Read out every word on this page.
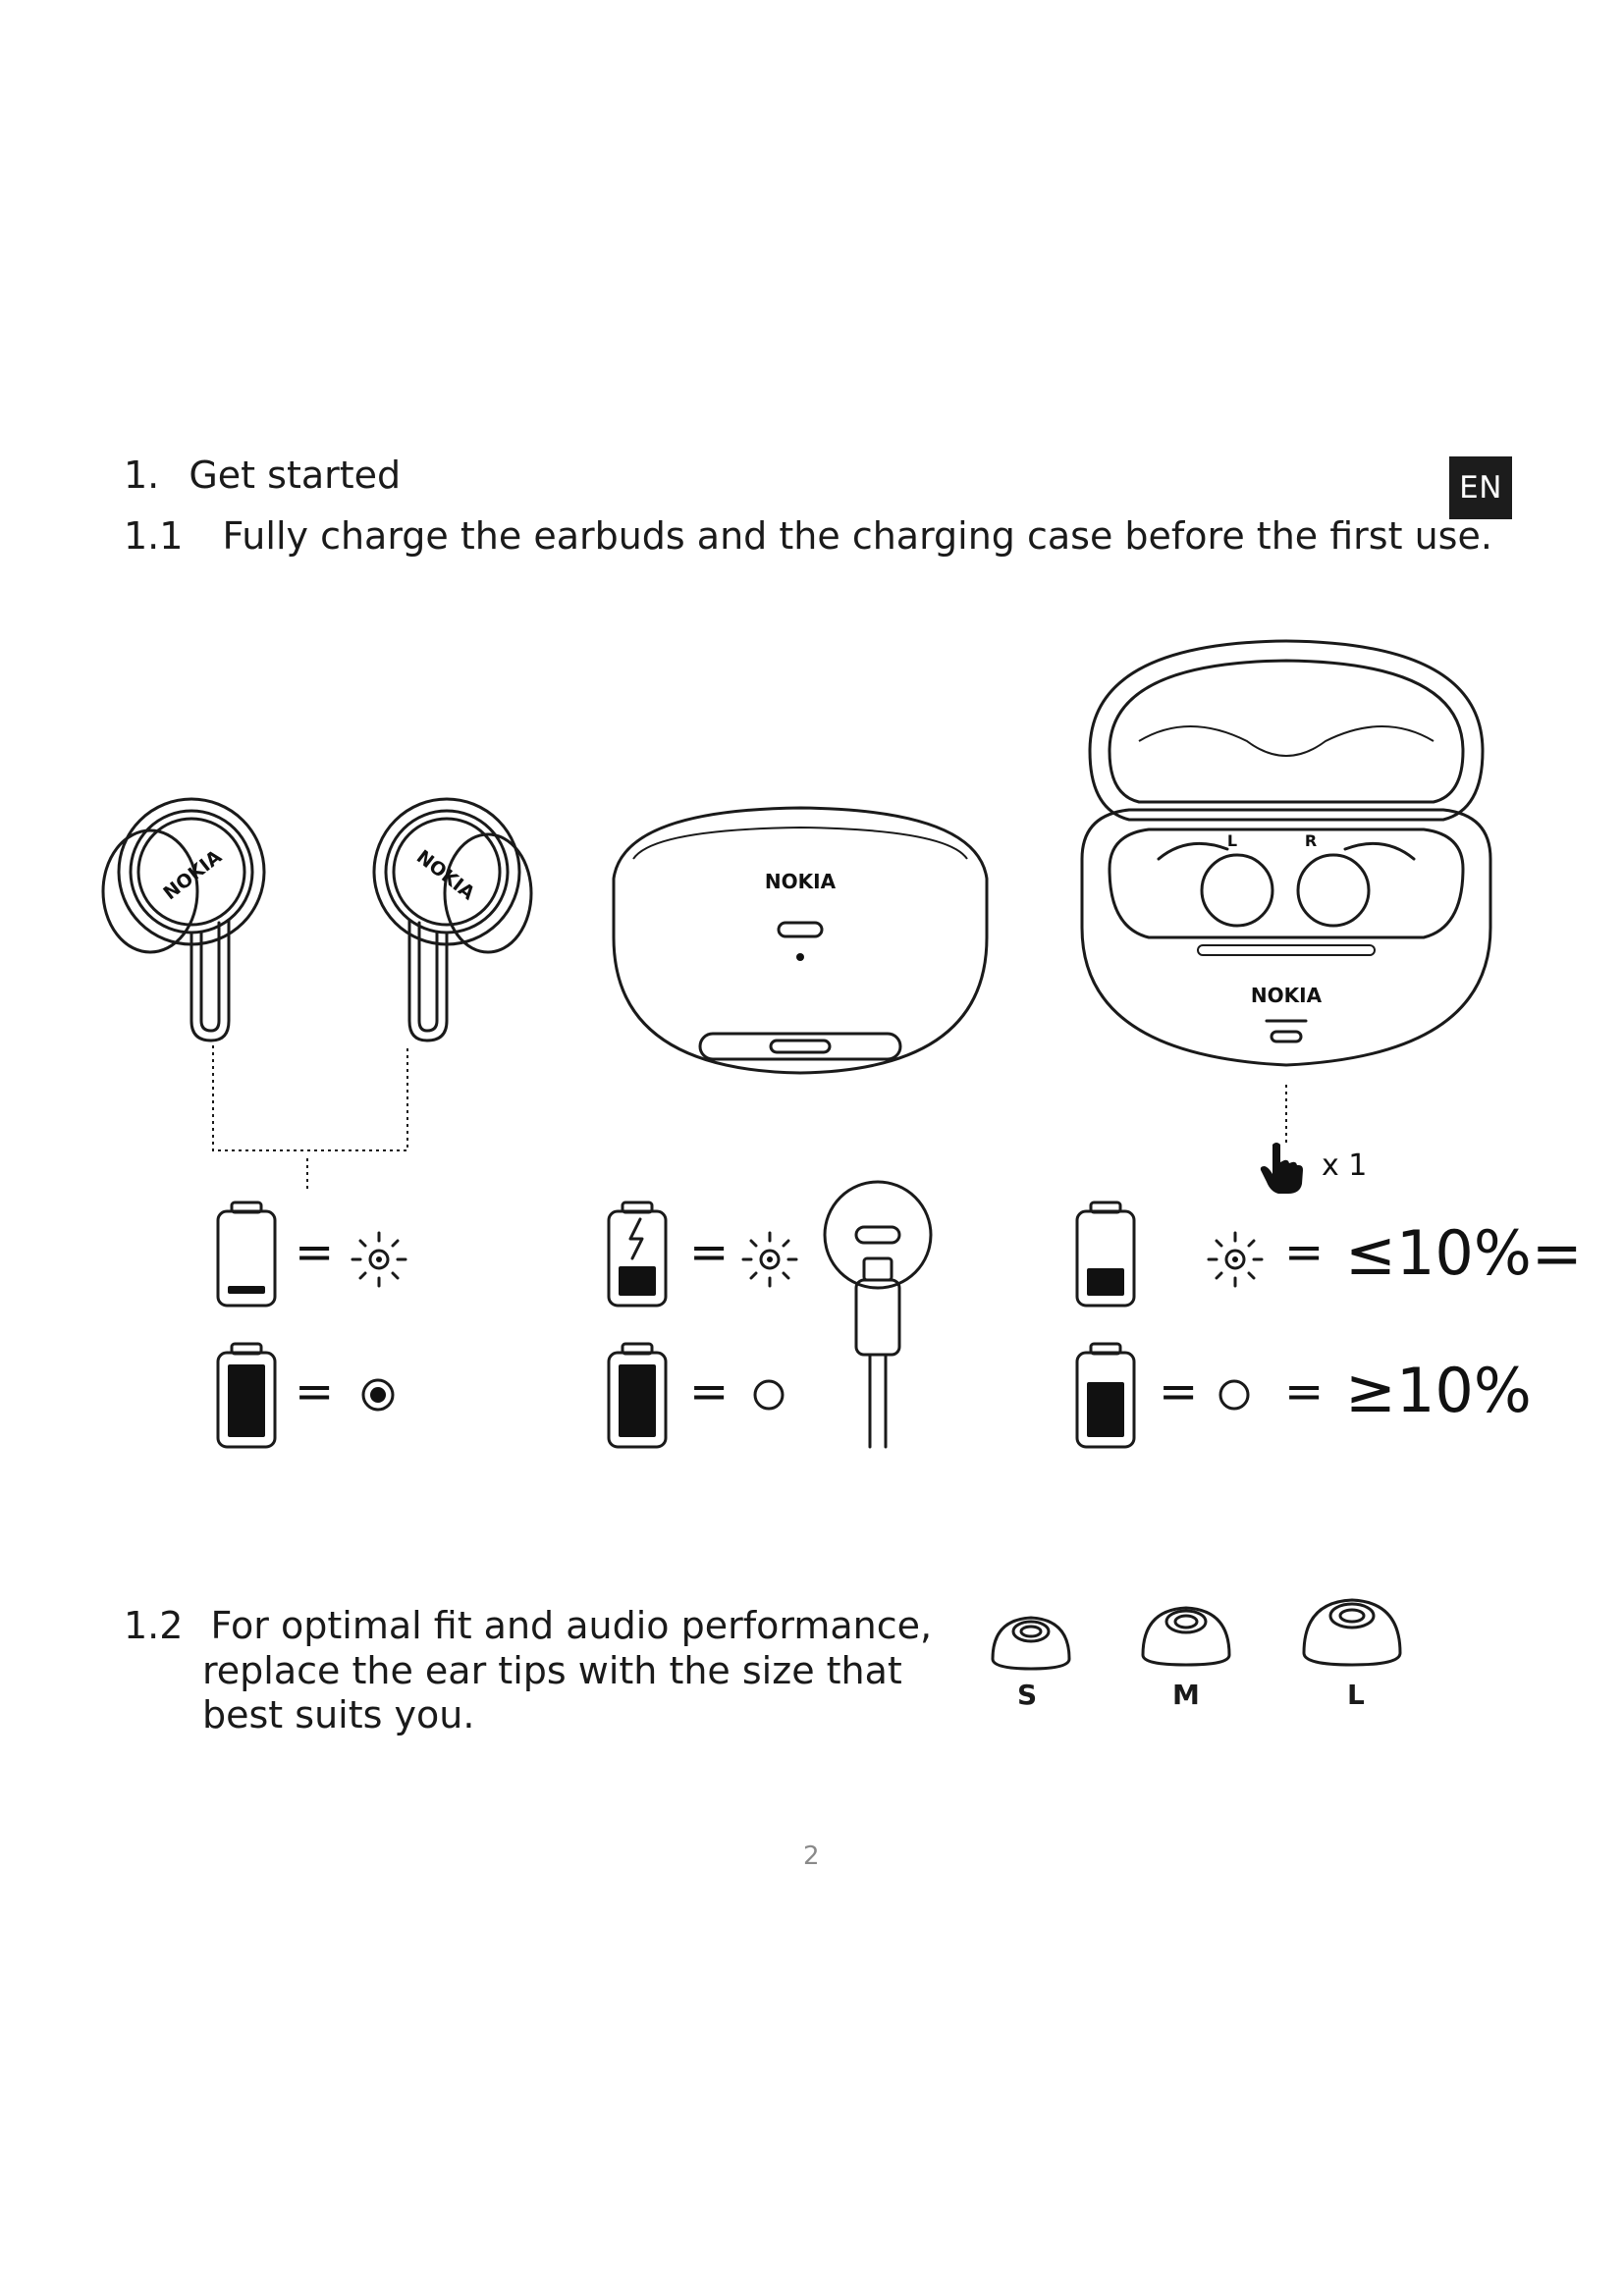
EN
1. Get started
1.1 Fully charge the earbuds and the charging case before the first use.
NOKIA	NOKIA	NOKIA
L	R
NOKIA
x 1
=	=	= ≤10%=
=	=	= = ≥10%
1.2 For optimal fit and audio performance,
replace the ear tips with the size that
best suits you.	S	M	L
2
